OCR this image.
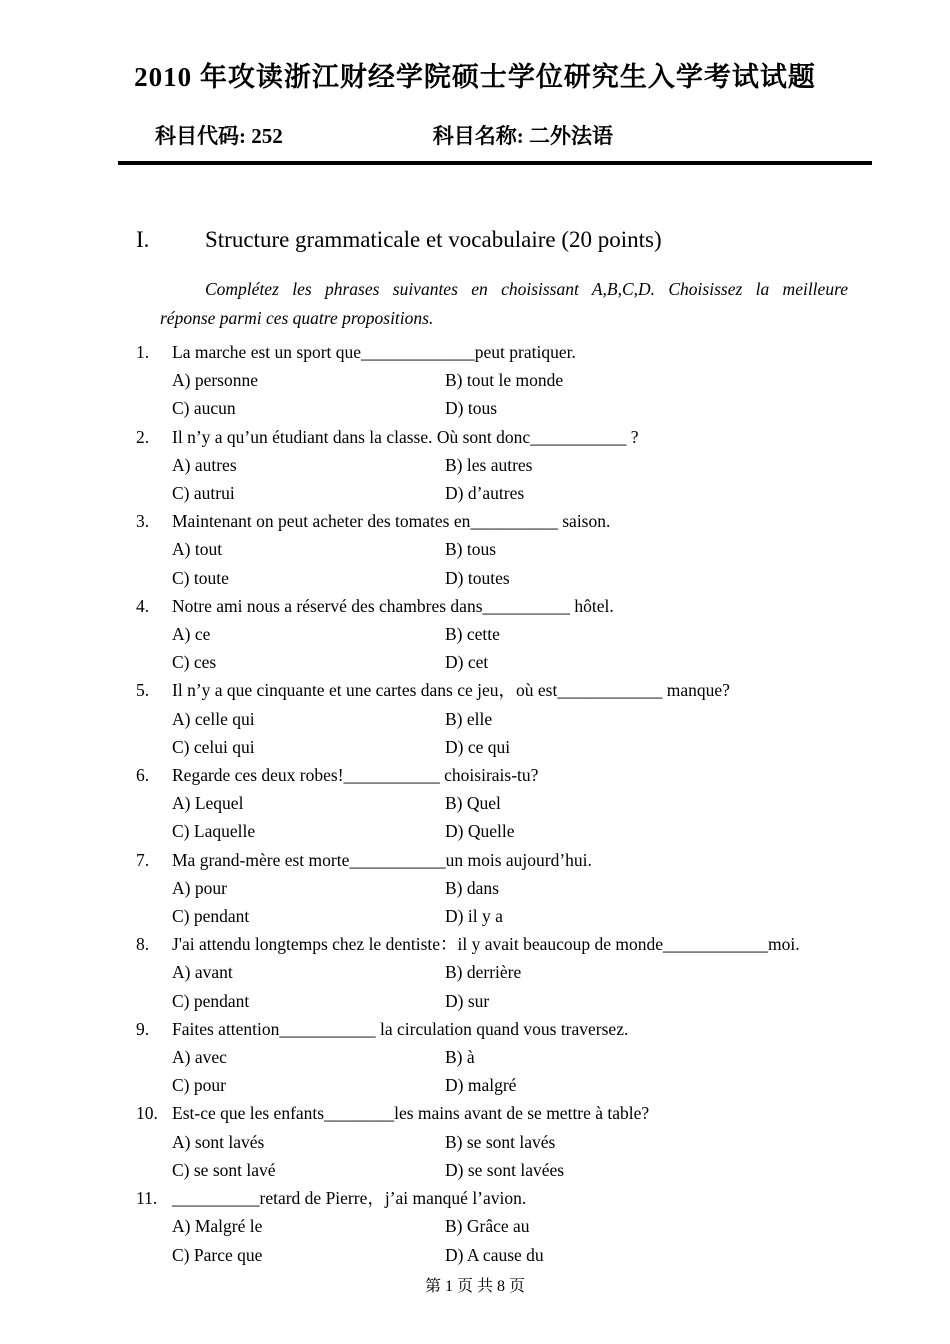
2010 年攻读浙江财经学院硕士学位研究生入学考试试题
科目代码: 252	科目名称: 二外法语
I. Structure grammaticale et vocabulaire (20 points)
Complétez les phrases suivantes en choisissant A,B,C,D. Choisissez la meilleure
réponse parmi ces quatre propositions.
1. La marche est un sport que_____________peut pratiquer.
A) personne	B) tout le monde
C) aucun	D) tous
2. Il n’y a qu’un étudiant dans la classe. Où sont donc___________ ?
A) autres	B) les autres
C) autrui	D) d’autres
3. Maintenant on peut acheter des tomates en__________ saison.
A) tout	B) tous
C) toute	D) toutes
4. Notre ami nous a réservé des chambres dans__________ hôtel.
A) ce	B) cette
C) ces	D) cet
5. Il n’y a que cinquante et une cartes dans ce jeu，où est____________ manque?
A) celle qui	B) elle
C) celui qui	D) ce qui
6. Regarde ces deux robes!___________ choisirais-tu?
A) Lequel	B) Quel
C) Laquelle	D) Quelle
7. Ma grand-mère est morte___________un mois aujourd’hui.
A) pour	B) dans
C) pendant	D) il y a
8. J'ai attendu longtemps chez le dentiste：il y avait beaucoup de monde____________moi.
A) avant	B) derrière
C) pendant	D) sur
9. Faites attention___________ la circulation quand vous traversez.
A) avec	B) à
C) pour	D) malgré
10. Est-ce que les enfants________les mains avant de se mettre à table?
A) sont lavés	B) se sont lavés
C) se sont lavé	D) se sont lavées
11. __________retard de Pierre，j’ai manqué l’avion.
A) Malgré le	B) Grâce au
C) Parce que	D) A cause du
第 1 页 共 8 页
